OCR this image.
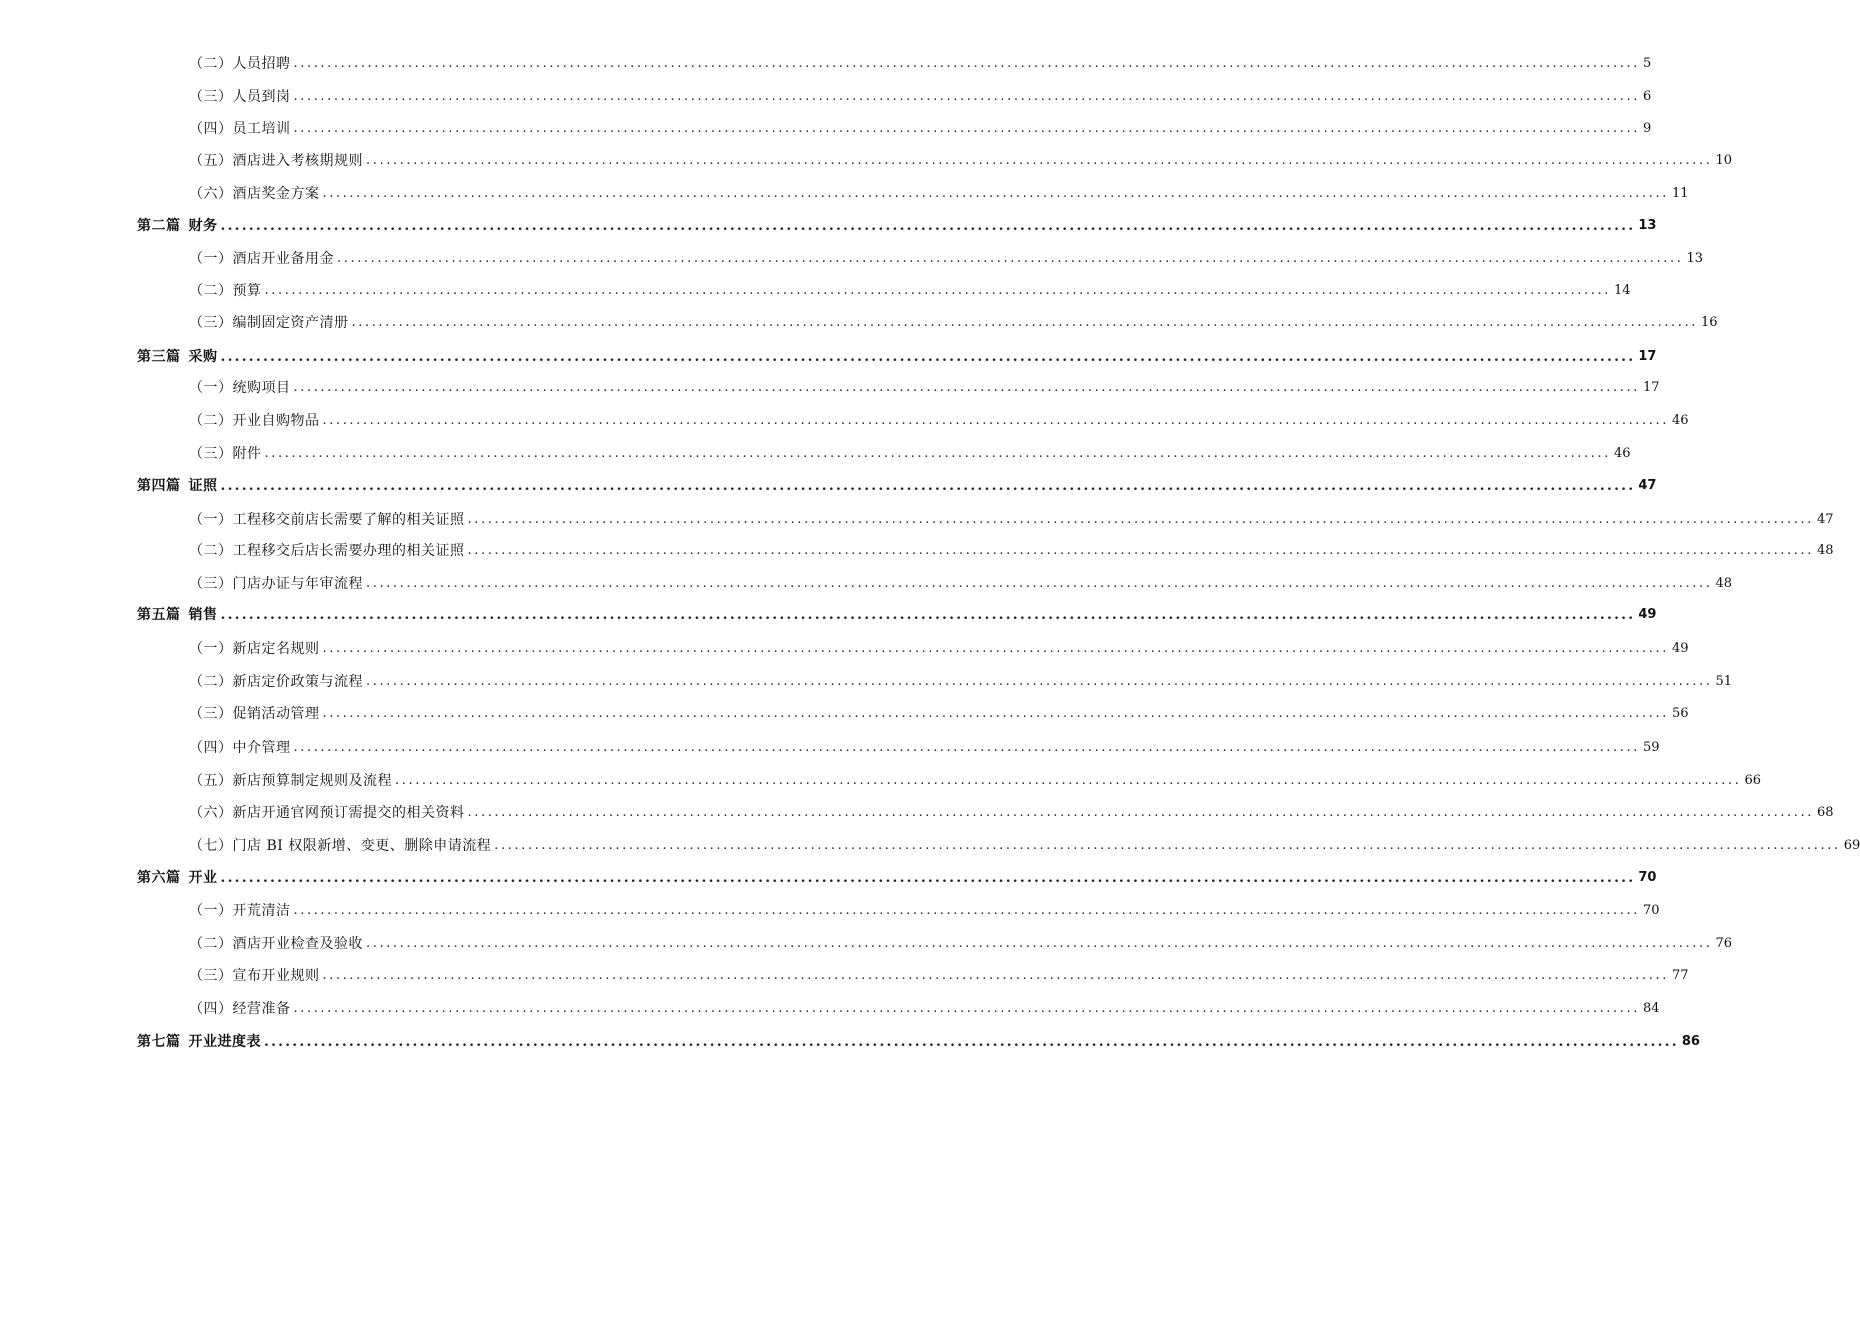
（二）人员招聘 ........................................................................................................................................................................................................ 5
（三）人员到岗 ........................................................................................................................................................................................................ 6
（四）员工培训 ........................................................................................................................................................................................................ 9
（五）酒店进入考核期规则 ........................................................................................................................................................................................................ 10
（六）酒店奖金方案 ........................................................................................................................................................................................................ 11
第二篇 财务 ........................................................................................................................................................................................................ 13
（一）酒店开业备用金 ........................................................................................................................................................................................................ 13
（二）预算 ........................................................................................................................................................................................................ 14
（三）编制固定资产清册 ........................................................................................................................................................................................................ 16
第三篇 采购 ........................................................................................................................................................................................................ 17
（一）统购项目 ........................................................................................................................................................................................................ 17
（二）开业自购物品 ........................................................................................................................................................................................................ 46
（三）附件 ........................................................................................................................................................................................................ 46
第四篇 证照 ........................................................................................................................................................................................................ 47
（一）工程移交前店长需要了解的相关证照 ........................................................................................................................................................................................................ 47
（二）工程移交后店长需要办理的相关证照 ........................................................................................................................................................................................................ 48
（三）门店办证与年审流程 ........................................................................................................................................................................................................ 48
第五篇 销售 ........................................................................................................................................................................................................ 49
（一）新店定名规则 ........................................................................................................................................................................................................ 49
（二）新店定价政策与流程 ........................................................................................................................................................................................................ 51
（三）促销活动管理 ........................................................................................................................................................................................................ 56
（四）中介管理 ........................................................................................................................................................................................................ 59
（五）新店预算制定规则及流程 ........................................................................................................................................................................................................ 66
（六）新店开通官网预订需提交的相关资料 ........................................................................................................................................................................................................ 68
（七）门店 BI 权限新增、变更、删除申请流程 ........................................................................................................................................................................................................ 69
第六篇 开业 ........................................................................................................................................................................................................ 70
（一）开荒清洁 ........................................................................................................................................................................................................ 70
（二）酒店开业检查及验收 ........................................................................................................................................................................................................ 76
（三）宣布开业规则 ........................................................................................................................................................................................................ 77
（四）经营准备 ........................................................................................................................................................................................................ 84
第七篇 开业进度表 ........................................................................................................................................................................................................ 86
